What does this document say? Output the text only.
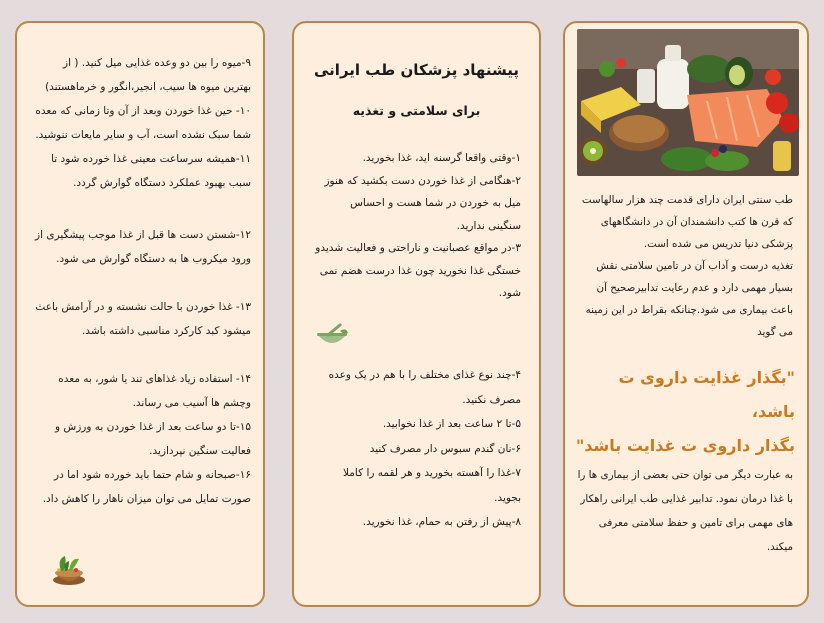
۹-میوه را بین دو وعده غذایی میل کنید. ( از بهترین میوه ها سیب، انجیر،انگور و خرماهستند)
۱۰- حین غذا خوردن وبعد از آن وتا زمانی که معده شما سبک نشده است، آب و سایر مایعات ننوشید.
۱۱-همیشه سرساعت معینی غذا خورده شود تا سبب بهبود عملکرد دستگاه گوارش گردد.
۱۲-شستن دست ها قبل از غذا موجب پیشگیری از ورود میکروب ها به دستگاه گوارش می شود.
۱۳- غذا خوردن با حالت نشسته و در آرامش باعث میشود کبد کارکرد مناسبی داشته باشد.
۱۴- استفاده زیاد غذاهای تند یا شور، به معده وچشم ها آسیب می رساند.
۱۵-تا دو ساعت بعد از غذا خوردن به ورزش و فعالیت سنگین نپردازید.
۱۶-صبحانه و شام حتما باید خورده شود اما در صورت تمایل می توان میزان ناهار را کاهش داد.
پیشنهاد پزشکان طب ایرانی
برای سلامتی و تغذیه
۱-وقتی واقعا گرسنه اید، غذا بخورید.
۲-هنگامی از غذا خوردن دست بکشید که هنوز میل به خوردن در شما هست و احساس سنگینی ندارید.
۳-در مواقع عصبانیت و ناراحتی و فعالیت شدیدو خستگی غذا نخورید چون غذا درست هضم نمی شود.
۴-چند نوع غذای مختلف را با هم در یک وعده مصرف نکنید.
۵-تا ۲ ساعت بعد از غذا نخوابید.
۶-نان گندم سبوس دار مصرف کنید
۷-غذا را آهسته بخورید و هر لقمه را کاملا بجوید.
۸-پیش از رفتن به حمام، غذا نخورید.
طب سنتی ایران دارای قدمت چند هزار سالهاست که قرن ها کتب دانشمندان آن در دانشگاههای پزشکی دنیا تدریس می شده است.
تغذیه درست و آداب آن در تامین سلامتی نقش بسیار مهمی دارد و عدم رعایت تدابیرصحیح آن باعث بیماری می شود.چنانکه بقراط در این زمینه می گوید
"بگذار غذایت داروی ت باشد،
بگذار داروی ت غذایت باشد"
به عبارت دیگر می توان حتی بعضی از بیماری ها را با غذا درمان نمود. تدابیر غذایی طب ایرانی راهکار های مهمی برای تامین و حفظ سلامتی معرفی میکند.
